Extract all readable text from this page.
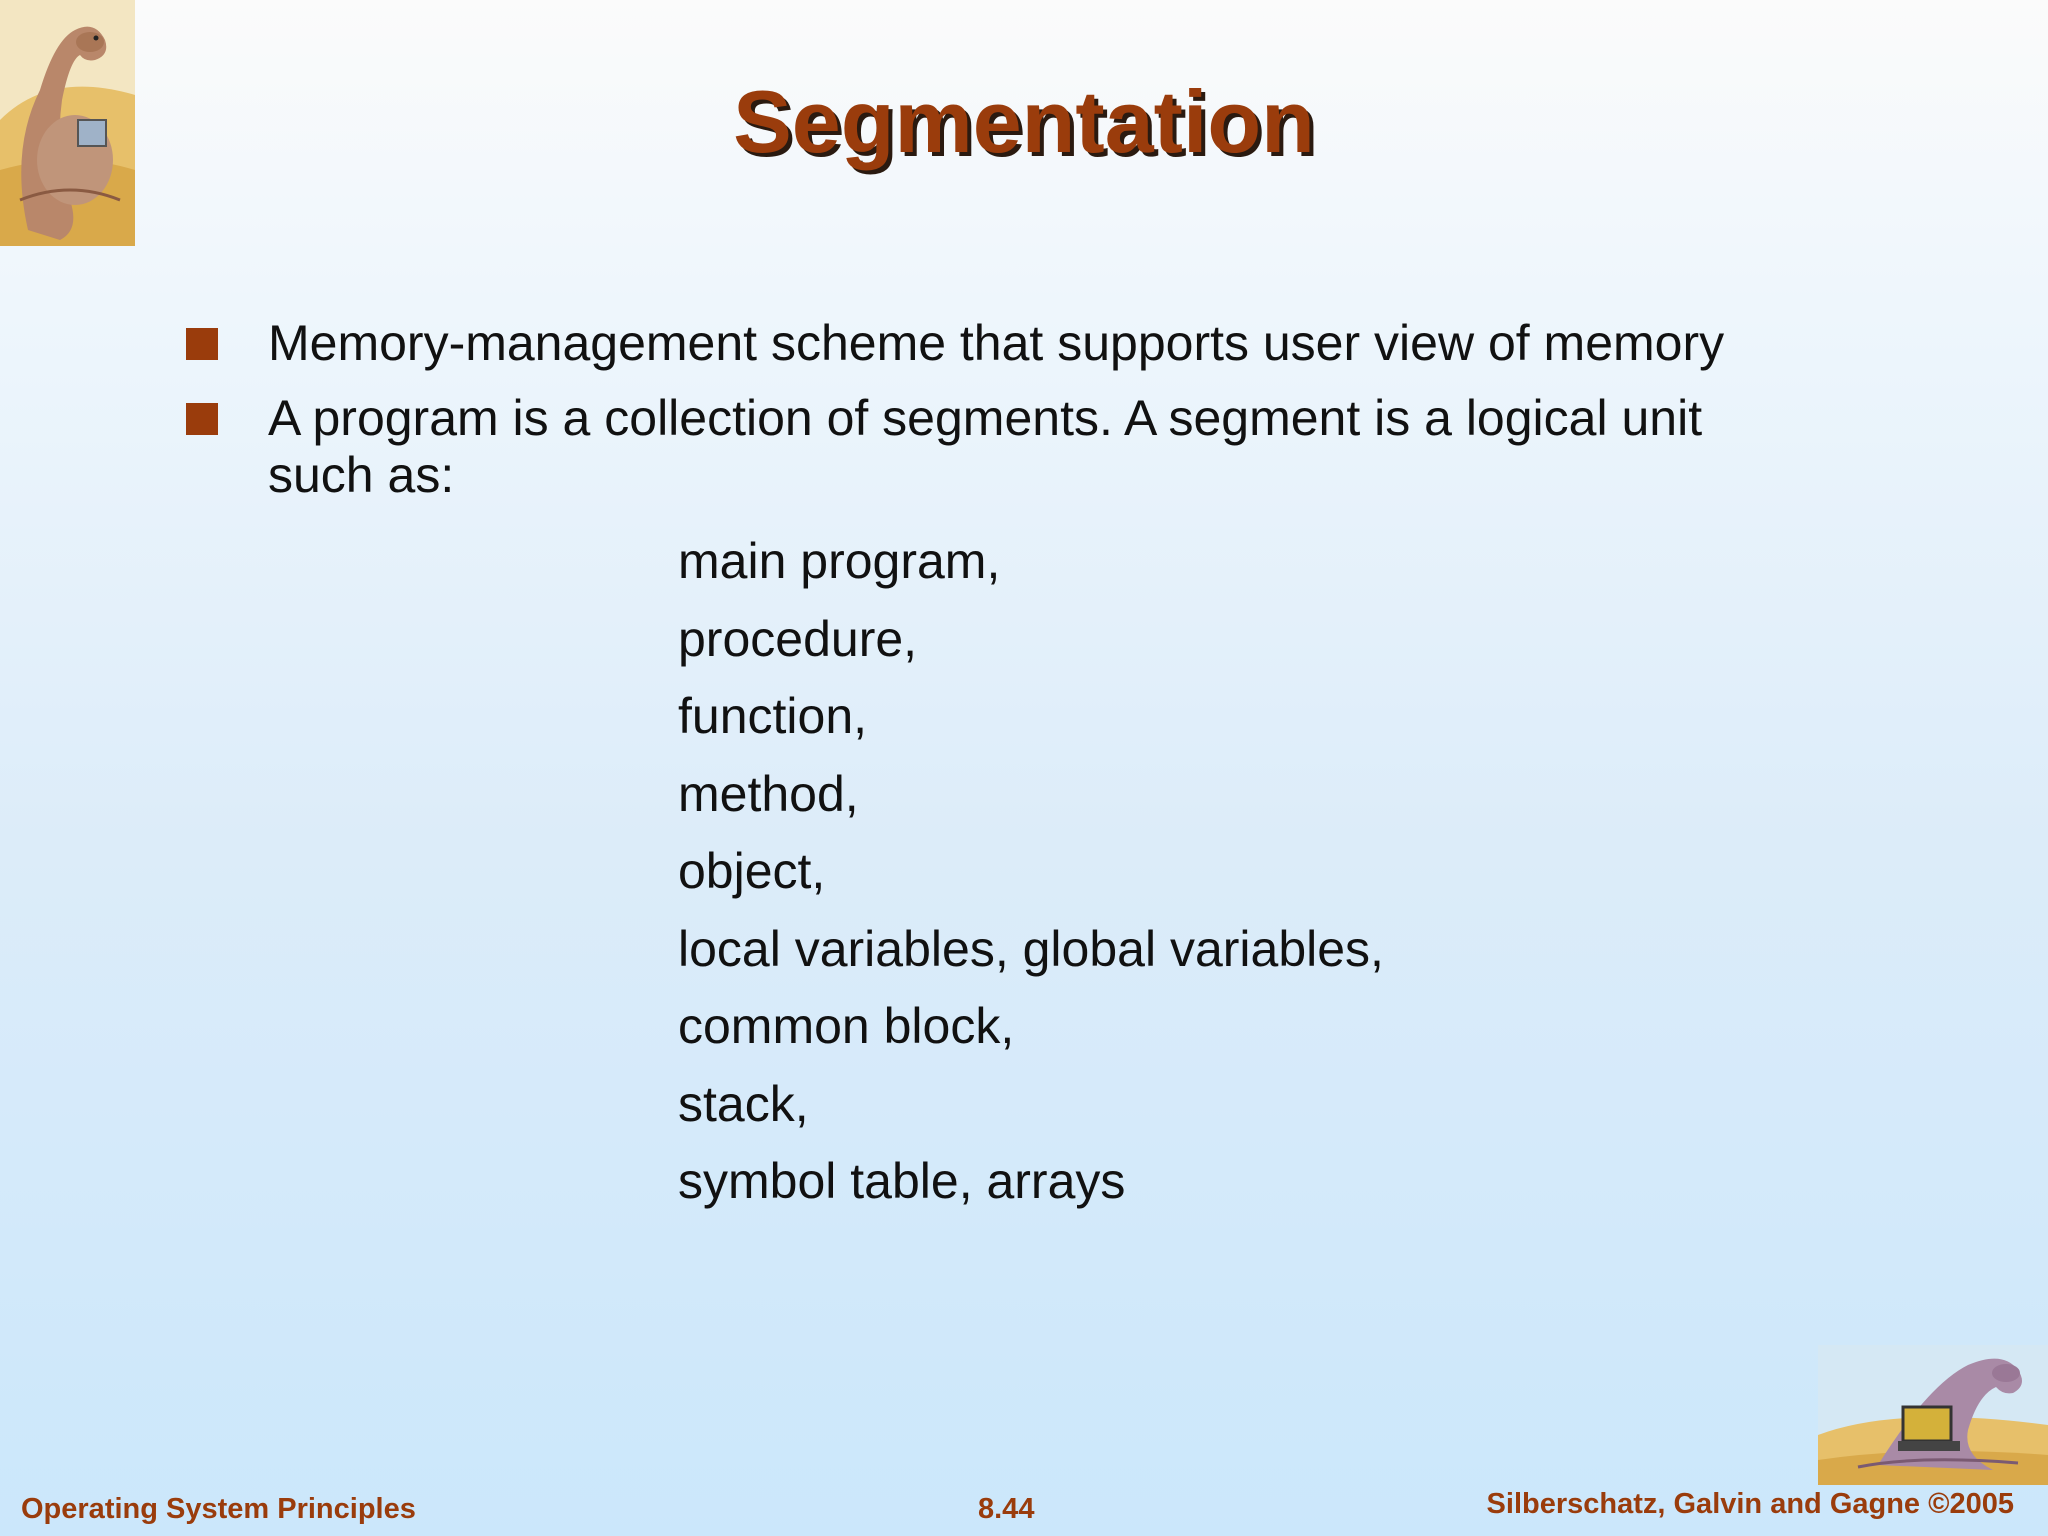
Segmentation
Memory-management scheme that supports user view of memory
A program is a collection of segments. A segment is a logical unit such as:
main program,
procedure,
function,
method,
object,
local variables, global variables,
common block,
stack,
symbol table, arrays
Operating System Principles	8.44	Silberschatz, Galvin and Gagne ©2005
